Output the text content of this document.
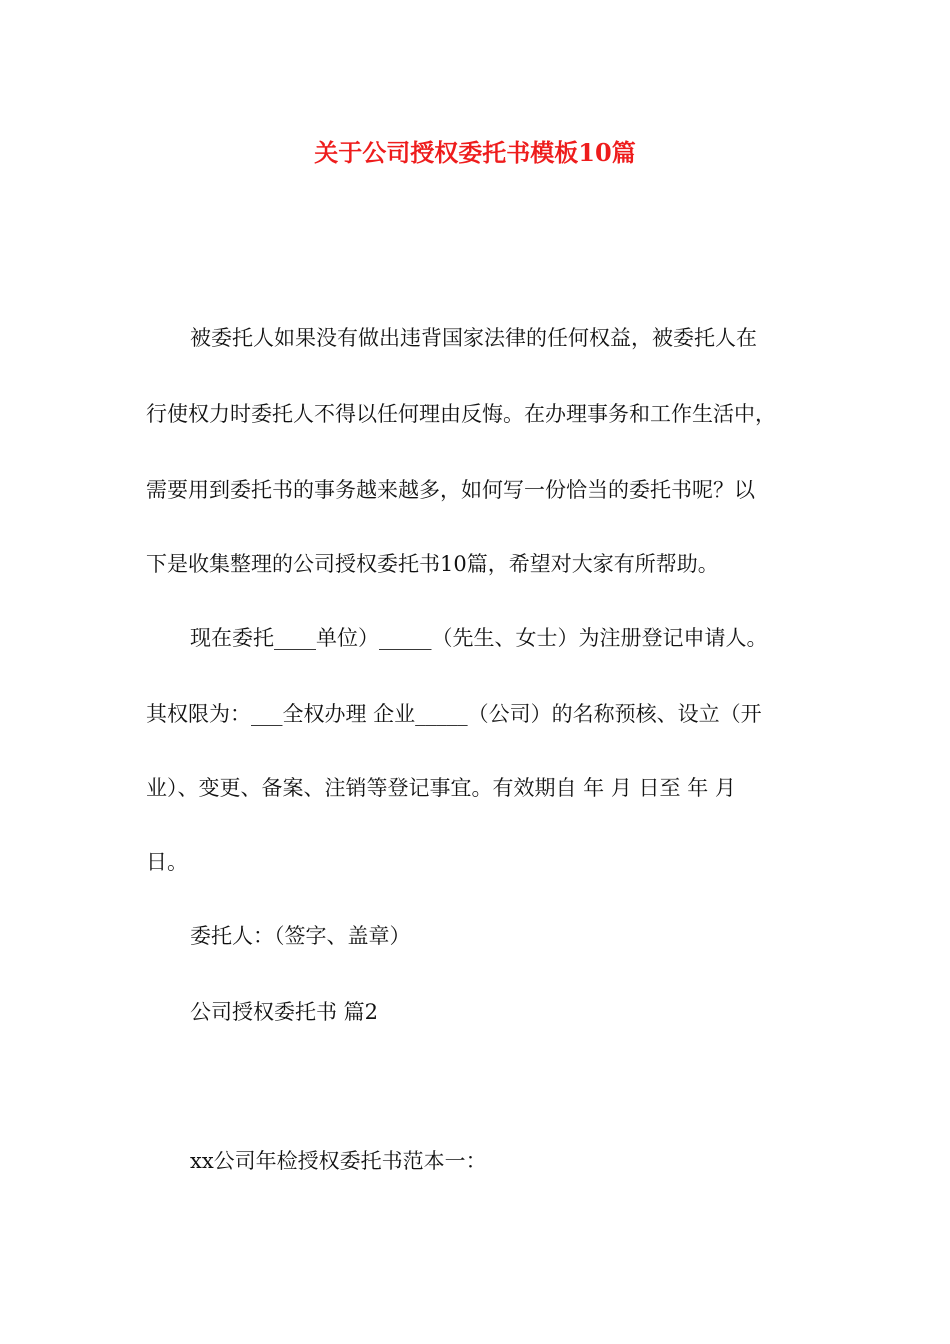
关于公司授权委托书模板10篇
被委托人如果没有做出违背国家法律的任何权益，被委托人在
行使权力时委托人不得以任何理由反悔。在办理事务和工作生活中，
需要用到委托书的事务越来越多，如何写一份恰当的委托书呢？以
下是收集整理的公司授权委托书10篇，希望对大家有所帮助。
现在委托____单位）_____（先生、女士）为注册登记申请人。
其权限为：___全权办理 企业_____（公司）的名称预核、设立（开
业）、变更、备案、注销等登记事宜。有效期自 年 月 日至 年 月
日。
委托人：（签字、盖章）
公司授权委托书 篇2
xx公司年检授权委托书范本一：
